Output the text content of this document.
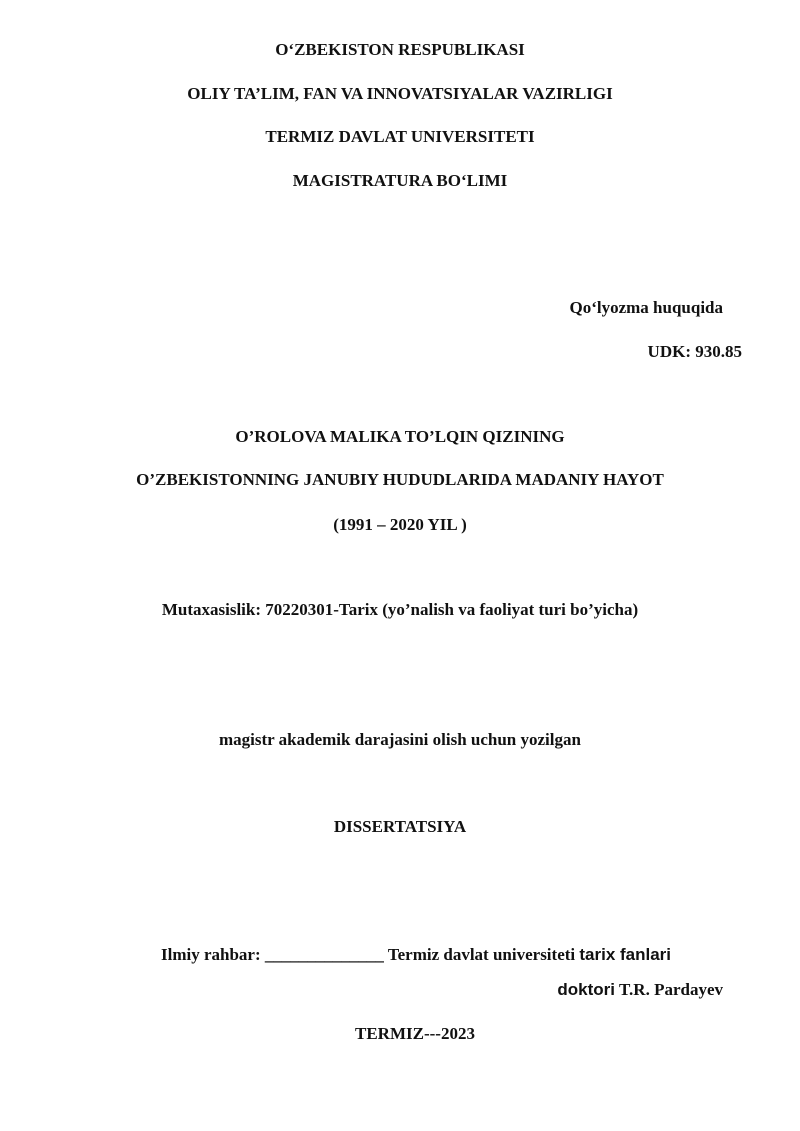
O‘ZBEKISTON RESPUBLIKASI
OLIY TA’LIM, FAN VA INNOVATSIYALAR VAZIRLIGI
TERMIZ DAVLAT UNIVERSITETI
MAGISTRATURA BO‘LIMI
Qo‘lyozma huquqida
UDK: 930.85
O’ROLOVA MALIKA TO’LQIN QIZINING
O’ZBEKISTONNING JANUBIY HUDUDLARIDA MADANIY HAYOT
(1991 – 2020 YIL )
Mutaxasislik: 70220301-Tarix (yo’nalish va faoliyat turi bo’yicha)
magistr akademik darajasini olish uchun yozilgan
DISSERTATSIYA
Ilmiy rahbar: ______________ Termiz davlat universiteti tarix fanlari
doktori T.R. Pardayev
TERMIZ---2023
